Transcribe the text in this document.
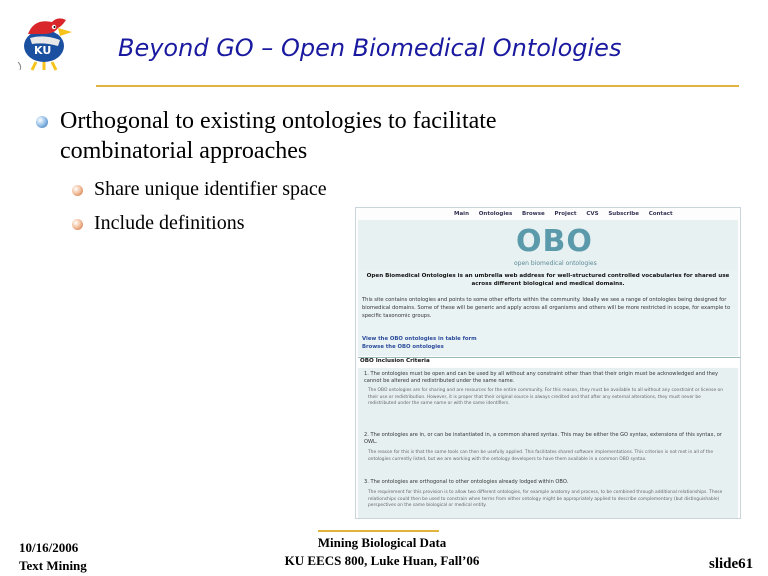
KU	Beyond GO – Open Biomedical Ontologies
Orthogonal to existing ontologies to facilitate combinatorial approaches
Share unique identifier space
Include definitions	Main Ontologies Browse Project CVS Subscribe Contact
OBO
open biomedical ontologies
Open Biomedical Ontologies is an umbrella web address for well-structured controlled vocabularies for shared use across different biological and medical domains.
This site contains ontologies and points to some other efforts within the community. Ideally we see a range of ontologies being designed for biomedical domains. Some of these will be generic and apply across all organisms and others will be more restricted in scope, for example to specific taxonomic groups.
View the OBO ontologies in table form
Browse the OBO ontologies
OBO Inclusion Criteria
1. The ontologies must be open and can be used by all without any constraint other than that their origin must be acknowledged and they cannot be altered and redistributed under the same name.
The OBO ontologies are for sharing and are resources for the entire community. For this reason, they must be available to all without any constraint or license on their use or redistribution. However, it is proper that their original source is always credited and that after any external alterations, they must never be redistributed under the same name or with the same identifiers.
2. The ontologies are in, or can be instantiated in, a common shared syntax. This may be either the GO syntax, extensions of this syntax, or OWL.
The reason for this is that the same tools can then be usefully applied. This facilitates shared software implementations. This criterion is not met in all of the ontologies currently listed, but we are working with the ontology developers to have them available in a common OBO syntax.
3. The ontologies are orthogonal to other ontologies already lodged within OBO.
The requirement for this provision is to allow two different ontologies, for example anatomy and process, to be combined through additional relationships. These relationships could then be used to constrain when terms from either ontology might be appropriately applied to describe complementary (but distinguishable) perspectives on the same biological or medical entity.
10/16/2006
Text Mining
Mining Biological Data
KU EECS 800, Luke Huan, Fall’06	slide61
